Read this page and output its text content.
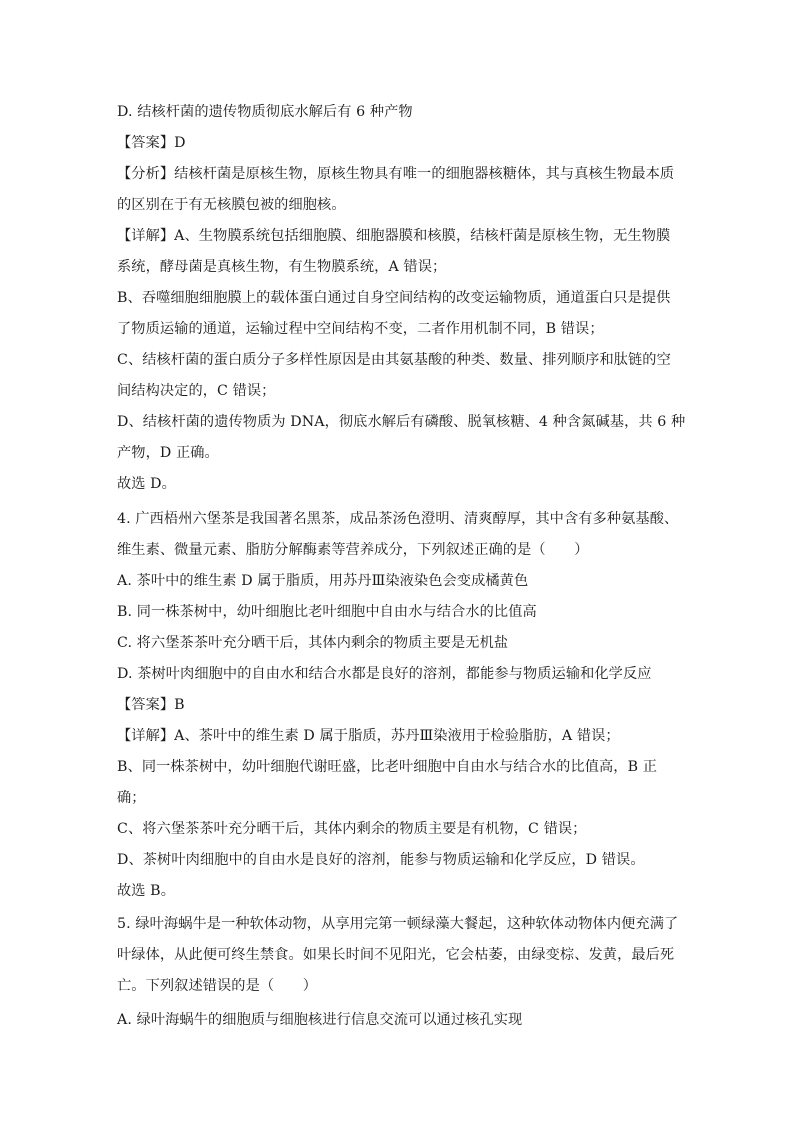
D. 结核杆菌的遗传物质彻底水解后有 6 种产物
【答案】D
【分析】结核杆菌是原核生物，原核生物具有唯一的细胞器核糖体，其与真核生物最本质
的区别在于有无核膜包被的细胞核。
【详解】A、生物膜系统包括细胞膜、细胞器膜和核膜，结核杆菌是原核生物，无生物膜
系统，酵母菌是真核生物，有生物膜系统，A 错误；
B、吞噬细胞细胞膜上的载体蛋白通过自身空间结构的改变运输物质，通道蛋白只是提供
了物质运输的通道，运输过程中空间结构不变，二者作用机制不同，B 错误；
C、结核杆菌的蛋白质分子多样性原因是由其氨基酸的种类、数量、排列顺序和肽链的空
间结构决定的，C 错误；
D、结核杆菌的遗传物质为 DNA，彻底水解后有磷酸、脱氧核糖、4 种含氮碱基，共 6 种
产物，D 正确。
故选 D。
4. 广西梧州六堡茶是我国著名黑茶，成品茶汤色澄明、清爽醇厚，其中含有多种氨基酸、
维生素、微量元素、脂肪分解酶素等营养成分，下列叙述正确的是（　　）
A. 茶叶中的维生素 D 属于脂质，用苏丹Ⅲ染液染色会变成橘黄色
B. 同一株茶树中，幼叶细胞比老叶细胞中自由水与结合水的比值高
C. 将六堡茶茶叶充分晒干后，其体内剩余的物质主要是无机盐
D. 茶树叶肉细胞中的自由水和结合水都是良好的溶剂，都能参与物质运输和化学反应
【答案】B
【详解】A、茶叶中的维生素 D 属于脂质，苏丹Ⅲ染液用于检验脂肪，A 错误；
B、同一株茶树中，幼叶细胞代谢旺盛，比老叶细胞中自由水与结合水的比值高，B 正
确；
C、将六堡茶茶叶充分晒干后，其体内剩余的物质主要是有机物，C 错误；
D、茶树叶肉细胞中的自由水是良好的溶剂，能参与物质运输和化学反应，D 错误。
故选 B。
5. 绿叶海蜗牛是一种软体动物，从享用完第一顿绿藻大餐起，这种软体动物体内便充满了
叶绿体，从此便可终生禁食。如果长时间不见阳光，它会枯萎，由绿变棕、发黄，最后死
亡。下列叙述错误的是（　　）
A. 绿叶海蜗牛的细胞质与细胞核进行信息交流可以通过核孔实现
